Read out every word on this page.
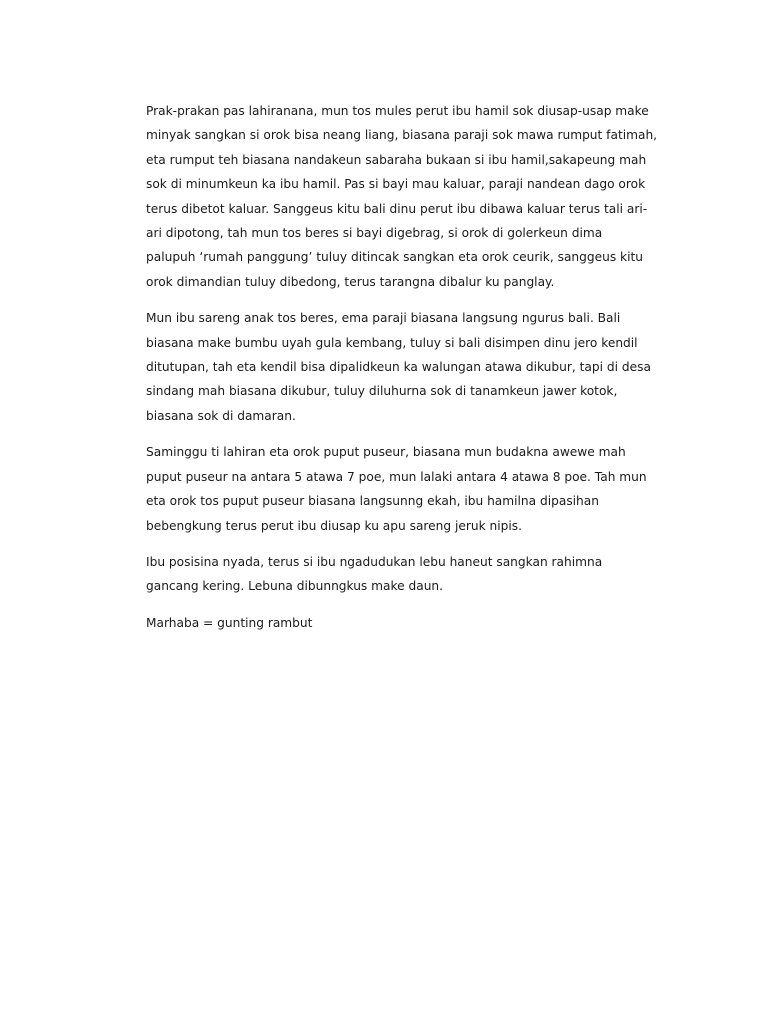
Prak-prakan pas lahiranana, mun tos mules perut ibu hamil sok diusap-usap make
minyak sangkan si orok bisa neang liang, biasana paraji sok mawa rumput fatimah,
eta rumput teh biasana nandakeun sabaraha bukaan si ibu hamil,sakapeung mah
sok di minumkeun ka ibu hamil. Pas si bayi mau kaluar, paraji nandean dago orok
terus dibetot kaluar. Sanggeus kitu bali dinu perut ibu dibawa kaluar terus tali ari-
ari dipotong, tah mun tos beres si bayi digebrag, si orok di golerkeun dima
palupuh ‘rumah panggung’ tuluy ditincak sangkan eta orok ceurik, sanggeus kitu
orok dimandian tuluy dibedong, terus tarangna dibalur ku panglay.

Mun ibu sareng anak tos beres, ema paraji biasana langsung ngurus bali. Bali
biasana make bumbu uyah gula kembang, tuluy si bali disimpen dinu jero kendil
ditutupan, tah eta kendil bisa dipalidkeun ka walungan atawa dikubur, tapi di desa
sindang mah biasana dikubur, tuluy diluhurna sok di tanamkeun jawer kotok,
biasana sok di damaran.

Saminggu ti lahiran eta orok puput puseur, biasana mun budakna awewe mah
puput puseur na antara 5 atawa 7 poe, mun lalaki antara 4 atawa 8 poe. Tah mun
eta orok tos puput puseur biasana langsunng ekah, ibu hamilna dipasihan
bebengkung terus perut ibu diusap ku apu sareng jeruk nipis.

Ibu posisina nyada, terus si ibu ngadudukan lebu haneut sangkan rahimna
gancang kering. Lebuna dibunngkus make daun.

Marhaba = gunting rambut
